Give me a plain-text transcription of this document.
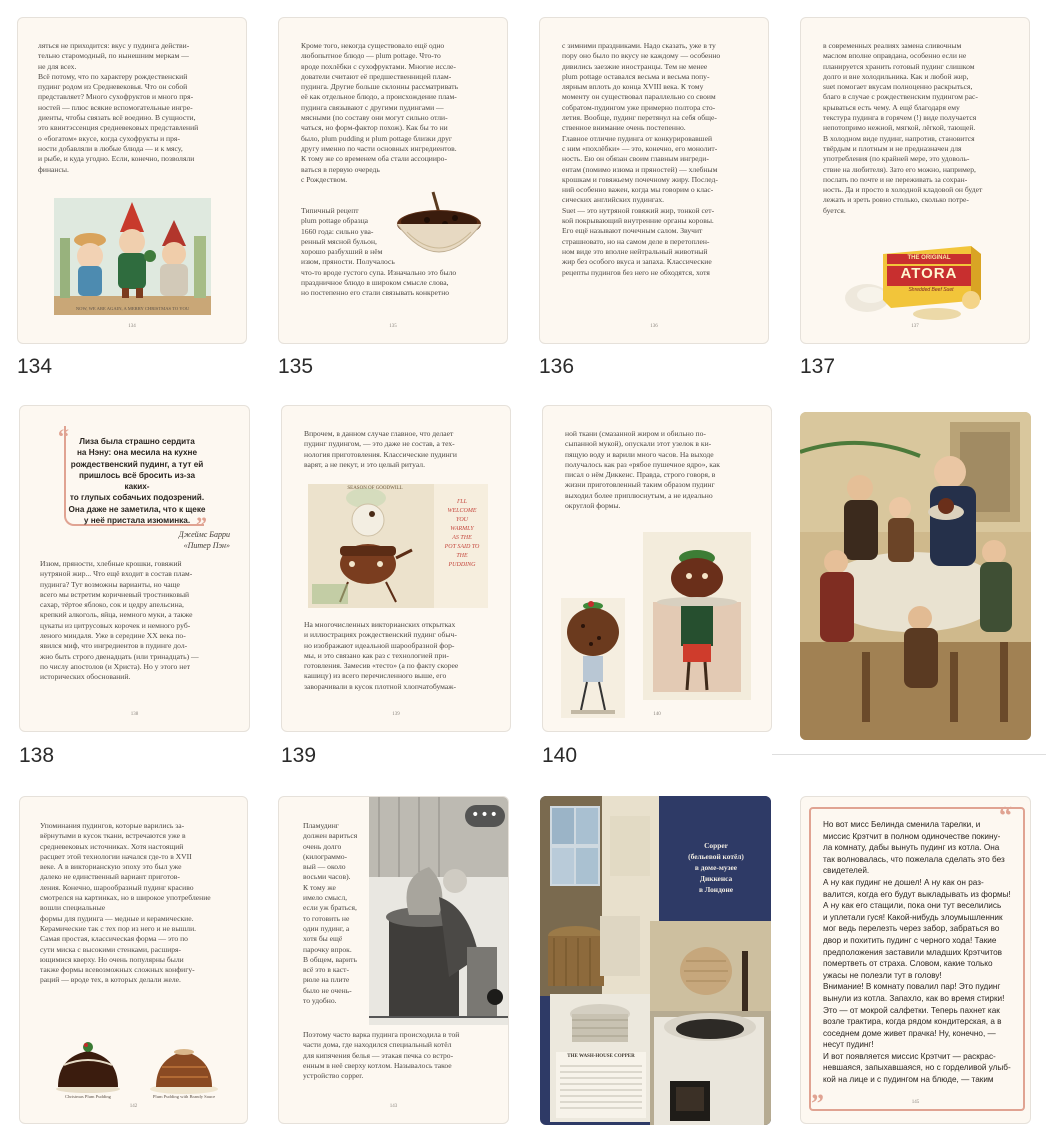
ляться не приходится: вкус у пудинга действи-
тельно старомодный, по нынешним меркам —
не для всех.
Всё потому, что по характеру рождественский
пудинг родом из Средневековья. Что он собой
представляет? Много сухофруктов и много пря-
ностей — плюс всякие вспомогательные ингре-
диенты, чтобы связать всё воедино. В сущности,
это квинтэссенция средневековых представлений
о «богатом» вкусе, когда сухофрукты и пря-
ности добавляли в любые блюда — и к мясу,
и рыбе, и куда угодно. Если, конечно, позволяли
финансы.
NOW, WE ARE AGAIN, A MERRY CHRISTMAS TO YOU
134
134
Кроме того, некогда существовало ещё одно
любопытное блюдо — plum pottage. Что-то
вроде похлёбки с сухофруктами. Многие иссле-
дователи считают её предшественницей плам-
пудинга. Другие больше склонны рассматривать
её как отдельное блюдо, а происхождение плам-
пудинга связывают с другими пудингами —
мясными (по составу они могут сильно отли-
чаться, но форм-фактор похож). Как бы то ни
было, plum pudding и plum pottage близки друг
другу именно по части основных ингредиентов.
К тому же со временем оба стали ассоцииро-
ваться в первую очередь
с Рождеством.
Типичный рецепт
plum pottage образца
1660 года: сильно ува-
ренный мясной бульон,
хорошо разбухший в нём
изюм, пряности. Получалось
что-то вроде густого супа. Изначально это было
праздничное блюдо в широком смысле слова,
но постепенно его стали связывать конкретно
135
135
с зимними праздниками. Надо сказать, уже в ту
пору оно было по вкусу не каждому — особенно
дивились заезжие иностранцы. Тем не менее
plum pottage оставался весьма и весьма попу-
лярным вплоть до конца XVIII века. К тому
моменту он существовал параллельно со своим
собратом-пудингом уже примерно полтора сто-
летия. Вообще, пудинг перетянул на себя обще-
ственное внимание очень постепенно.
Главное отличие пудинга от конкурировавшей
с ним «похлёбки» — это, конечно, его монолит-
ность. Ею он обязан своим главным ингреди-
ентам (помимо изюма и пряностей) — хлебным
крошкам и говяжьему почечному жиру. Послед-
ний особенно важен, когда мы говорим о клас-
сических английских пудингах.
Suet — это нутряной говяжий жир, тонкой сет-
кой покрывающий внутренние органы коровы.
Его ещё называют почечным салом. Звучит
страшновато, но на самом деле в перетоплен-
ном виде это вполне нейтральный животный
жир без особого вкуса и запаха. Классические
рецепты пудингов без него не обходятся, хотя
136
136
в современных реалиях замена сливочным
маслом вполне оправдана, особенно если не
планируется хранить готовый пудинг слишком
долго и вне холодильника. Как и любой жир,
suet помогает вкусам полноценно раскрыться,
благо в случае с рождественским пудингом рас-
крываться есть чему. А ещё благодаря ему
текстура пудинга в горячем (!) виде получается
непотопримо нежной, мягкой, лёгкой, тающей.
В холодном виде пудинг, напротив, становится
твёрдым и плотным и не предназначен для
употребления (по крайней мере, это удоволь-
ствие на любителя). Зато его можно, например,
послать по почте и не переживать за сохран-
ность. Да и просто в холодной кладовой он будет
лежать и зреть ровно столько, сколько потре-
буется.
THE ORIGINAL
ATORA
Shredded Beef Suet
137
137
“	Лиза была страшно сердита
на Нэну: она месила на кухне
рождественский пудинг, а тут ей
пришлось всё бросить из-за каких-
то глупых собачьих подозрений.
Она даже не заметила, что к щеке
у неё пристала изюминка. ”
Джеймс Барри
«Питер Пэн»
Изюм, пряности, хлебные крошки, говяжий
нутряной жир... Что ещё входит в состав плам-
пудинга? Тут возможны варианты, но чаще
всего мы встретим коричневый тростниковый
сахар, тёртое яблоко, сок и цедру апельсина,
крепкий алкоголь, яйца, немного муки, а также
цукаты из цитрусовых корочек и немного руб-
леного миндаля. Уже в середине XX века по-
явился миф, что ингредиентов в пудинге дол-
жно быть строго двенадцать (или тринадцать) —
по числу апостолов (и Христа). Но у этого нет
исторических обоснований.
138
138
Впрочем, в данном случае главное, что делает
пудинг пудингом, — это даже не состав, а тех-
нология приготовления. Классические пудинги
варят, а не пекут, и это целый ритуал.
SEASON OF GOODWILL
I'LL
WELCOME
YOU
WARMLY
AS THE
POT SAID TO
THE
PUDDING
На многочисленных викторианских открытках
и иллюстрациях рождественский пудинг обыч-
но изображают идеальной шарообразной фор-
мы, и это связано как раз с технологией при-
готовления. Замесив «тесто» (а по факту скорее
кашицу) из всего перечисленного выше, его
заворачивали в кусок плотной хлопчатобумаж-
139
139
ной ткани (смазанной жиром и обильно по-
сыпанной мукой), опускали этот узелок в ки-
пящую воду и варили много часов. На выходе
получалось как раз «рябое пушечное ядро», как
писал о нём Диккенс. Правда, строго говоря, в
жизни приготовленный таким образом пудинг
выходил более приплюснутым, а не идеально
округлой формы.
140
140
Упоминания пудингов, которые варились за-
вёрнутыми в кусок ткани, встречаются уже в
средневековых источниках. Хотя настоящий
расцвет этой технологии начался где-то в XVII
веке. А в викторианскую эпоху это был уже
далеко не единственный вариант приготов-
ления. Конечно, шарообразный пудинг красиво
смотрелся на картинках, но в широкое употребление
вошли специальные
формы для пудинга — медные и керамические.
Керамические так с тех пор из него и не вышли.
Самая простая, классическая форма — это по
сути миска с высокими стенками, расширя-
ющимися кверху. Но очень популярны были
также формы всевозможных сложных конфигу-
раций — вроде тех, в которых делали желе.
Christmas Plum Pudding	Plum Pudding with Brandy Sauce
142
Пламудинг
должен вариться
очень долго
(килограммо-
вый — около
восьми часов).
К тому же
имело смысл,
если уж браться,
то готовить не
один пудинг, а
хотя бы ещё
парочку впрок.
В общем, варить
всё это в каст-
рюле на плите
было не очень-
то удобно.
•••
Поэтому часто варка пудинга происходила в той
части дома, где находился специальный котёл
для кипячения белья — этакая печка со встро-
енным в неё сверху котлом. Называлось такое
устройство copper.
143
Copper
(бельевой котёл)
в доме-музее
Диккенса
в Лондоне
THE WASH-HOUSE COPPER
“
Но вот мисс Белинда сменила тарелки, и
миссис Крэтчит в полном одиночестве покину-
ла комнату, дабы вынуть пудинг из котла. Она
так волновалась, что пожелала сделать это без
свидетелей.
А ну как пудинг не дошел! А ну как он раз-
валится, когда его будут выкладывать из формы!
А ну как его стащили, пока они тут веселились
и уплетали гуся! Какой-нибудь злоумышленник
мог ведь перелезть через забор, забраться во
двор и похитить пудинг с черного хода! Такие
предположения заставили младших Крэтчитов
помертветь от страха. Словом, какие только
ужасы не полезли тут в голову!
Внимание! В комнату повалил пар! Это пудинг
вынули из котла. Запахло, как во время стирки!
Это — от мокрой салфетки. Теперь пахнет как
возле трактира, когда рядом кондитерская, а в
соседнем доме живет прачка! Ну, конечно, —
несут пудинг!
И вот появляется миссис Крэтчит — раскрас-
невшаяся, запыхавшаяся, но с горделивой улыб-
кой на лице и с пудингом на блюде, — таким
”	145
